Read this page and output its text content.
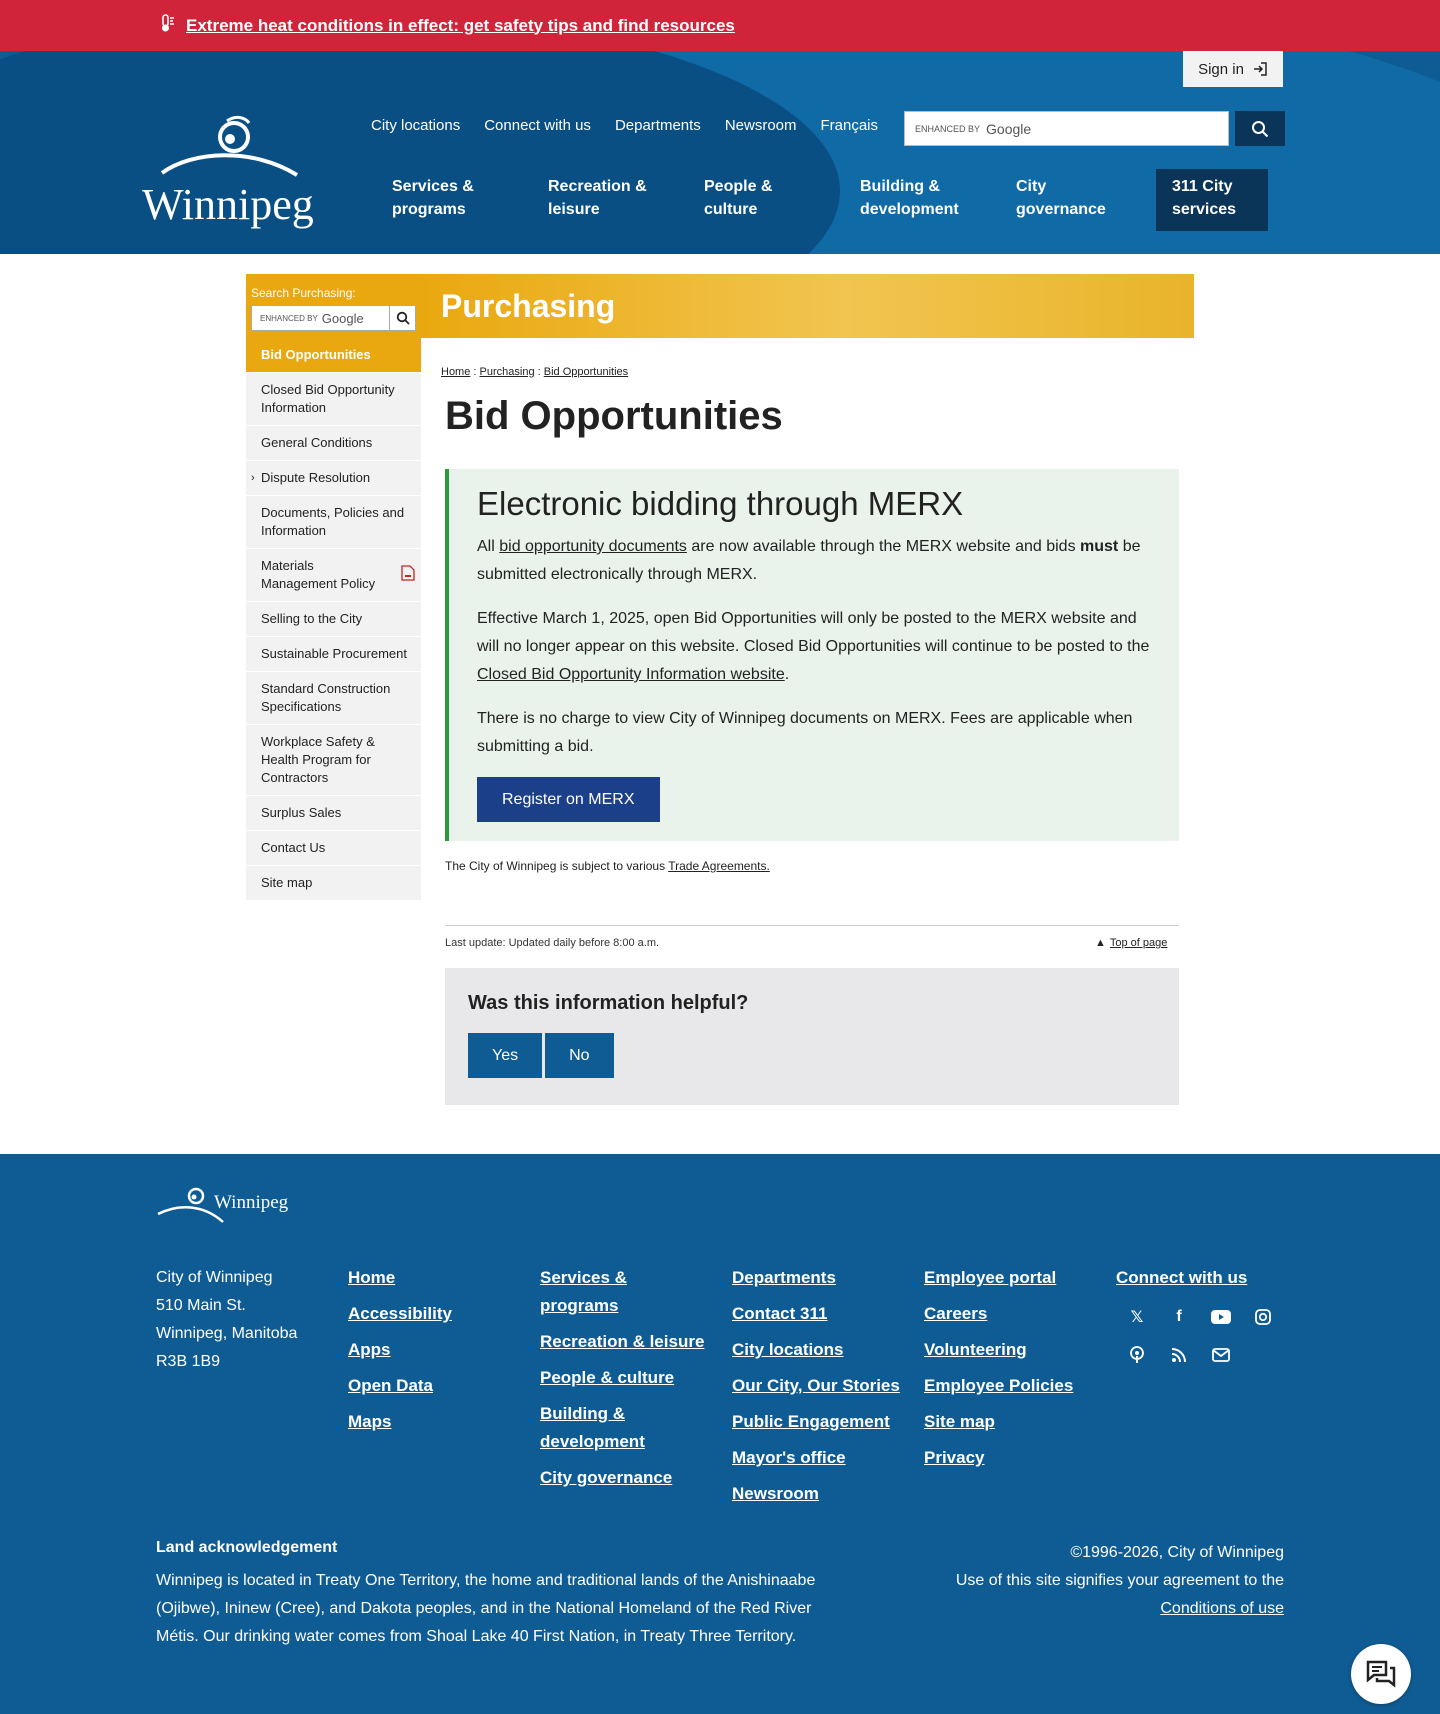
Extreme heat conditions in effect: get safety tips and find resources
Sign in
Winnipeg
City locations Connect with us Departments Newsroom Français	ENHANCED BY Google
Services & programs
Recreation & leisure
People & culture
Building & development
City governance
311 City services
Search Purchasing:
ENHANCED BY Google
Bid Opportunities
Closed Bid Opportunity Information
General Conditions
› Dispute Resolution
Documents, Policies and Information
Materials Management Policy
Selling to the City
Sustainable Procurement
Standard Construction Specifications
Workplace Safety & Health Program for Contractors
Surplus Sales
Contact Us
Site map
Purchasing
Home : Purchasing : Bid Opportunities
Bid Opportunities
Electronic bidding through MERX

All bid opportunity documents are now available through the MERX website and bids must be submitted electronically through MERX.

Effective March 1, 2025, open Bid Opportunities will only be posted to the MERX website and will no longer appear on this website. Closed Bid Opportunities will continue to be posted to the Closed Bid Opportunity Information website.

There is no charge to view City of Winnipeg documents on MERX. Fees are applicable when submitting a bid.

Register on MERX
The City of Winnipeg is subject to various Trade Agreements.
Last update: Updated daily before 8:00 a.m.	▲ Top of page
Was this information helpful?
Yes	No
Winnipeg
City of Winnipeg
510 Main St.
Winnipeg, Manitoba
R3B 1B9
Home
Accessibility
Apps
Open Data
Maps
Services & programs
Recreation & leisure
People & culture
Building & development
City governance
Departments
Contact 311
City locations
Our City, Our Stories
Public Engagement
Mayor's office
Newsroom
Employee portal
Careers
Volunteering
Employee Policies
Site map
Privacy
Connect with us
𝕏	f
Land acknowledgement

Winnipeg is located in Treaty One Territory, the home and traditional lands of the Anishinaabe (Ojibwe), Ininew (Cree), and Dakota peoples, and in the National Homeland of the Red River Métis. Our drinking water comes from Shoal Lake 40 First Nation, in Treaty Three Territory.

©1996-2026, City of Winnipeg
Use of this site signifies your agreement to the
Conditions of use
